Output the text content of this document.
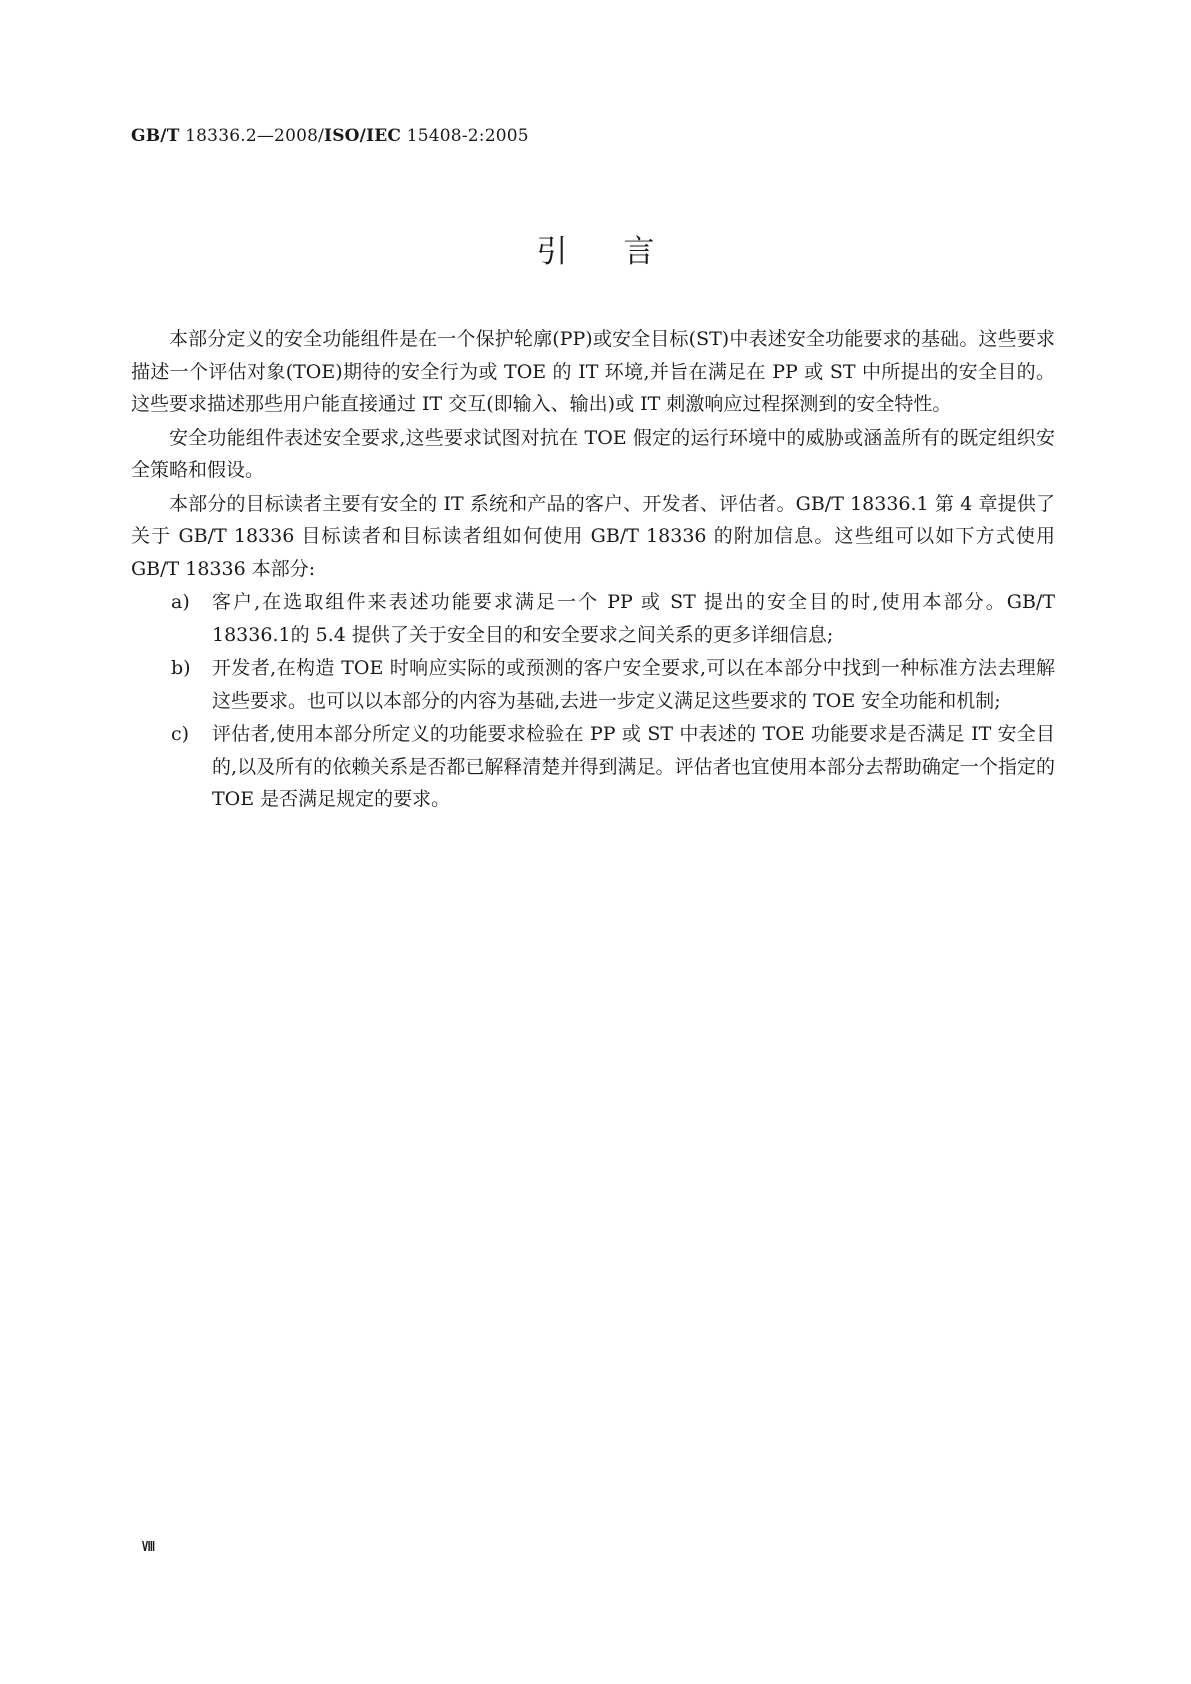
GB/T 18336.2—2008/ISO/IEC 15408-2:2005
引言

本部分定义的安全功能组件是在一个保护轮廓(PP)或安全目标(ST)中表述安全功能要求的基础。这些要求描述一个评估对象(TOE)期待的安全行为或 TOE 的 IT 环境,并旨在满足在 PP 或 ST 中所提出的安全目的。这些要求描述那些用户能直接通过 IT 交互(即输入、输出)或 IT 刺激响应过程探测到的安全特性。

安全功能组件表述安全要求,这些要求试图对抗在 TOE 假定的运行环境中的威胁或涵盖所有的既定组织安全策略和假设。

本部分的目标读者主要有安全的 IT 系统和产品的客户、开发者、评估者。GB/T 18336.1 第 4 章提供了关于 GB/T 18336 目标读者和目标读者组如何使用 GB/T 18336 的附加信息。这些组可以如下方式使用 GB/T 18336 本部分:

a)	客户,在选取组件来表述功能要求满足一个 PP 或 ST 提出的安全目的时,使用本部分。GB/T 18336.1的 5.4 提供了关于安全目的和安全要求之间关系的更多详细信息;
b)	开发者,在构造 TOE 时响应实际的或预测的客户安全要求,可以在本部分中找到一种标准方法去理解这些要求。也可以以本部分的内容为基础,去进一步定义满足这些要求的 TOE 安全功能和机制;
c)	评估者,使用本部分所定义的功能要求检验在 PP 或 ST 中表述的 TOE 功能要求是否满足 IT 安全目的,以及所有的依赖关系是否都已解释清楚并得到满足。评估者也宜使用本部分去帮助确定一个指定的 TOE 是否满足规定的要求。
Ⅷ
